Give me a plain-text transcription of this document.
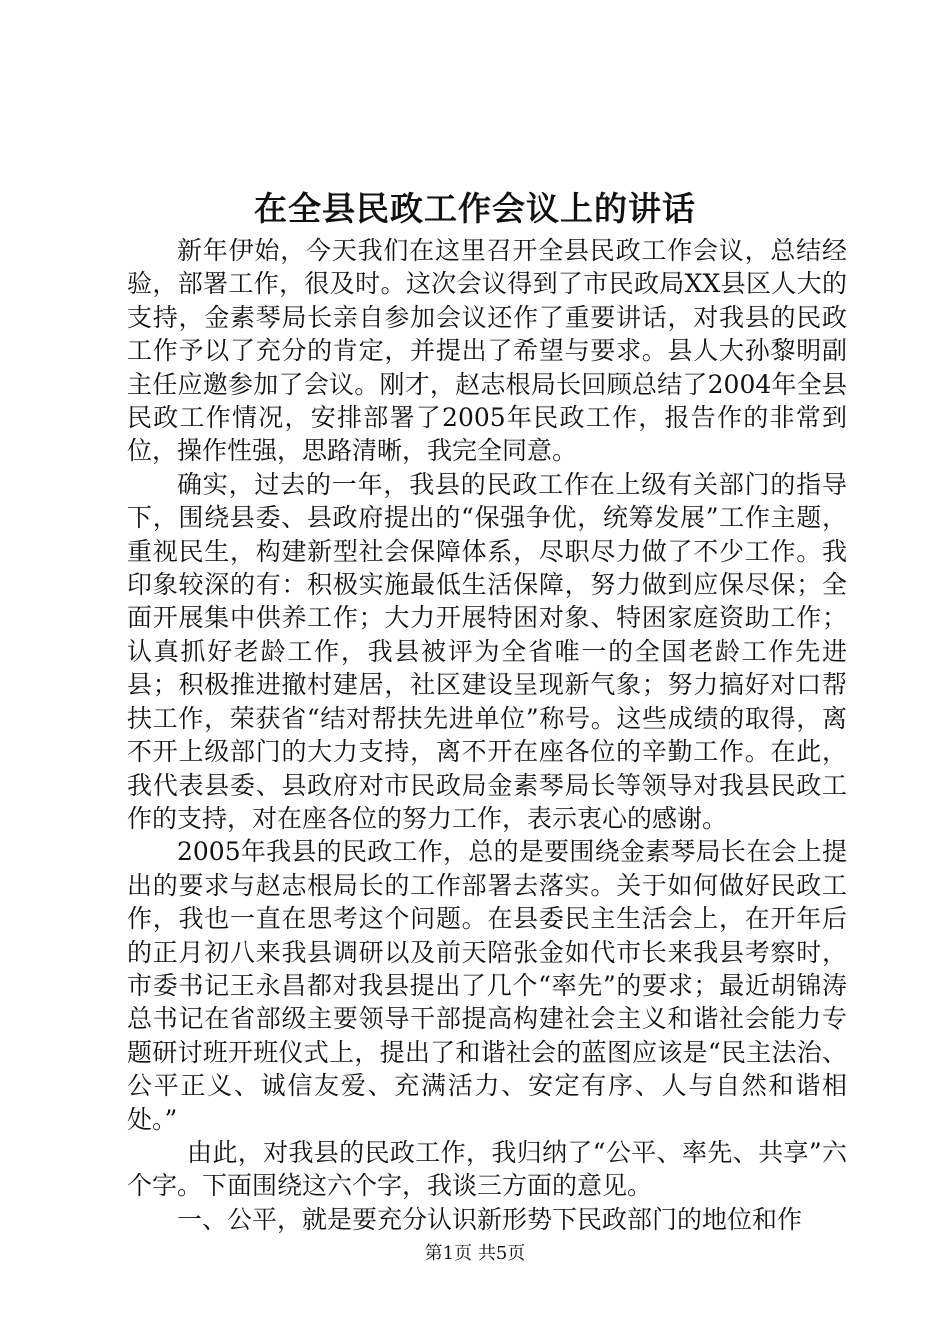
在全县民政工作会议上的讲话

新年伊始，今天我们在这里召开全县民政工作会议，总结经验，部署工作，很及时。这次会议得到了市民政局XX县区人大的支持，金素琴局长亲自参加会议还作了重要讲话，对我县的民政工作予以了充分的肯定，并提出了希望与要求。县人大孙黎明副主任应邀参加了会议。刚才，赵志根局长回顾总结了2004年全县民政工作情况，安排部署了2005年民政工作，报告作的非常到位，操作性强，思路清晰，我完全同意。

确实，过去的一年，我县的民政工作在上级有关部门的指导下，围绕县委、县政府提出的“保强争优，统筹发展”工作主题，重视民生，构建新型社会保障体系，尽职尽力做了不少工作。我印象较深的有：积极实施最低生活保障，努力做到应保尽保；全面开展集中供养工作；大力开展特困对象、特困家庭资助工作；认真抓好老龄工作，我县被评为全省唯一的全国老龄工作先进县；积极推进撤村建居，社区建设呈现新气象；努力搞好对口帮扶工作，荣获省“结对帮扶先进单位”称号。这些成绩的取得，离不开上级部门的大力支持，离不开在座各位的辛勤工作。在此，我代表县委、县政府对市民政局金素琴局长等领导对我县民政工作的支持，对在座各位的努力工作，表示衷心的感谢。

2005年我县的民政工作，总的是要围绕金素琴局长在会上提出的要求与赵志根局长的工作部署去落实。关于如何做好民政工作，我也一直在思考这个问题。在县委民主生活会上，在开年后的正月初八来我县调研以及前天陪张金如代市长来我县考察时，市委书记王永昌都对我县提出了几个“率先”的要求；最近胡锦涛总书记在省部级主要领导干部提高构建社会主义和谐社会能力专题研讨班开班仪式上，提出了和谐社会的蓝图应该是“民主法治、公平正义、诚信友爱、充满活力、安定有序、人与自然和谐相处。”

由此，对我县的民政工作，我归纳了“公平、率先、共享”六个字。下面围绕这六个字，我谈三方面的意见。

一、公平，就是要充分认识新形势下民政部门的地位和作

第1页 共5页
